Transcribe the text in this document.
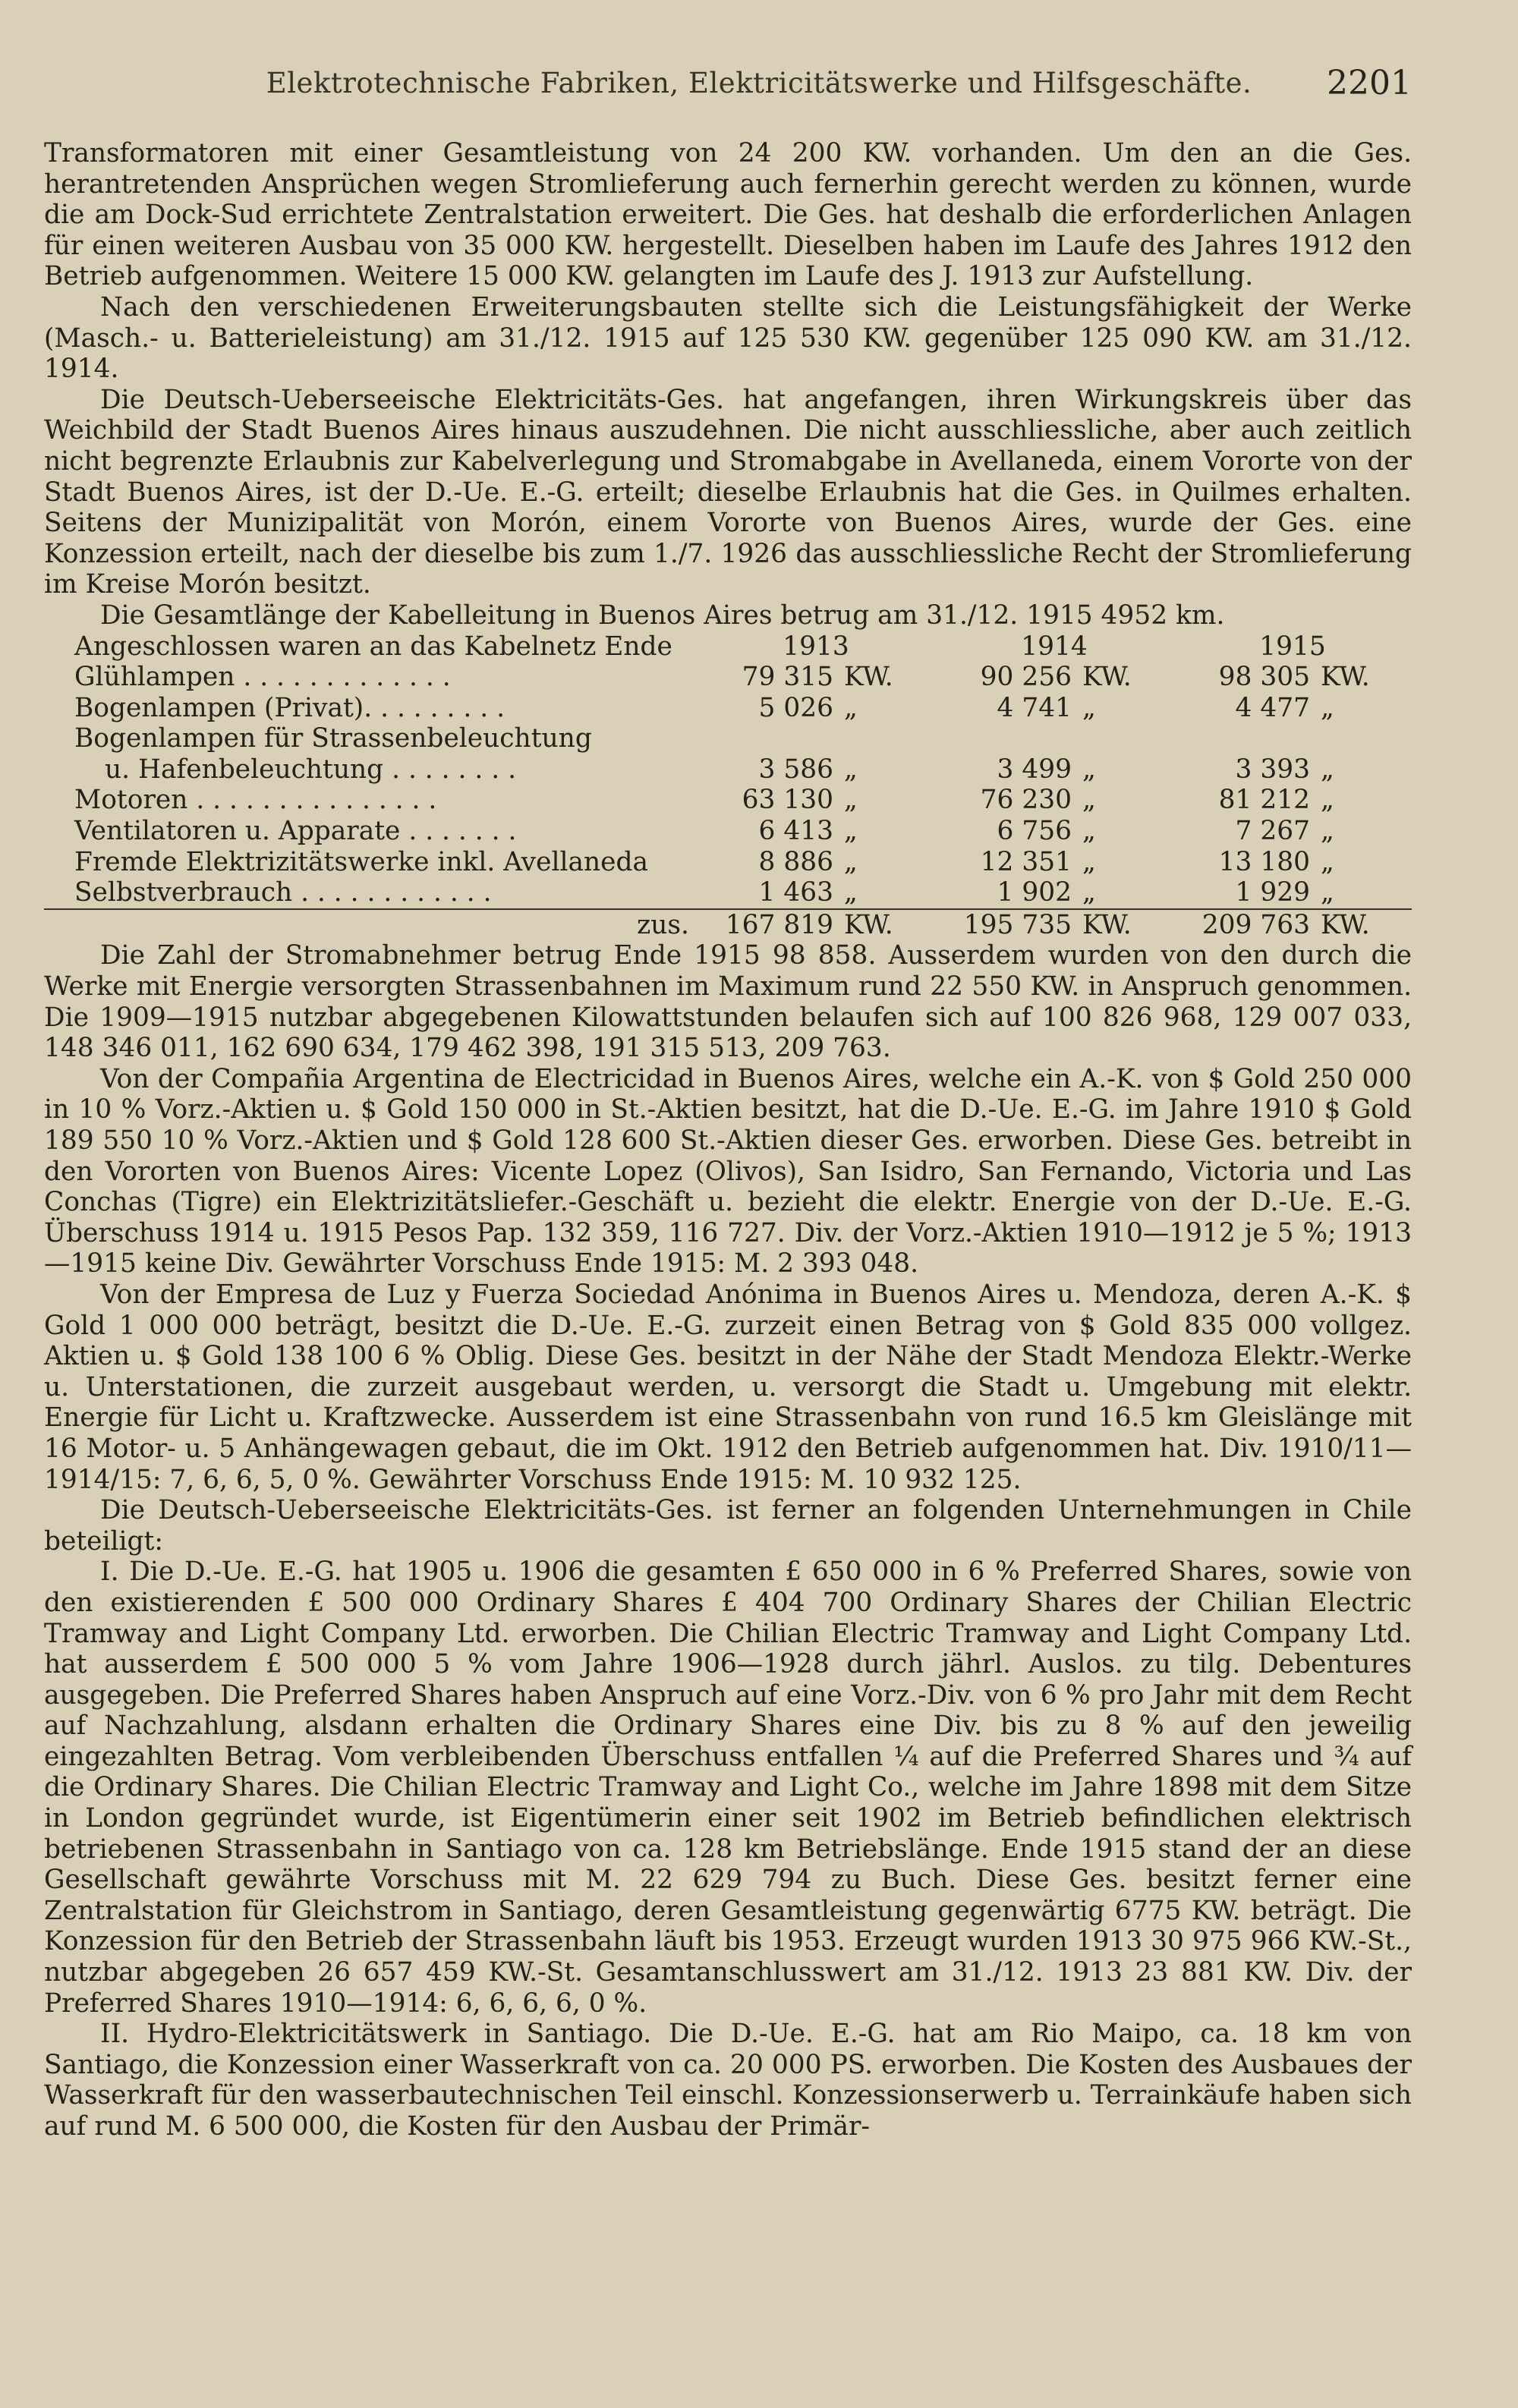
Elektrotechnische Fabriken, Elektricitätswerke und Hilfsgeschäfte.	2201

Transformatoren mit einer Gesamtleistung von 24 200 KW. vorhanden. Um den an die Ges. herantretenden Ansprüchen wegen Stromlieferung auch fernerhin gerecht werden zu können, wurde die am Dock-Sud errichtete Zentralstation erweitert. Die Ges. hat deshalb die erforderlichen Anlagen für einen weiteren Ausbau von 35 000 KW. hergestellt. Dieselben haben im Laufe des Jahres 1912 den Betrieb aufgenommen. Weitere 15 000 KW. gelangten im Laufe des J. 1913 zur Aufstellung.

Nach den verschiedenen Erweiterungsbauten stellte sich die Leistungsfähigkeit der Werke (Masch.- u. Batterieleistung) am 31./12. 1915 auf 125 530 KW. gegenüber 125 090 KW. am 31./12. 1914.

Die Deutsch-Ueberseeische Elektricitäts-Ges. hat angefangen, ihren Wirkungskreis über das Weichbild der Stadt Buenos Aires hinaus auszudehnen. Die nicht ausschliessliche, aber auch zeitlich nicht begrenzte Erlaubnis zur Kabelverlegung und Stromabgabe in Avellaneda, einem Vororte von der Stadt Buenos Aires, ist der D.-Ue. E.-G. erteilt; dieselbe Erlaubnis hat die Ges. in Quilmes erhalten. Seitens der Munizipalität von Morón, einem Vororte von Buenos Aires, wurde der Ges. eine Konzession erteilt, nach der dieselbe bis zum 1./7. 1926 das ausschliessliche Recht der Stromlieferung im Kreise Morón besitzt.

Die Gesamtlänge der Kabelleitung in Buenos Aires betrug am 31./12. 1915 4952 km.

Angeschlossen waren an das Kabelnetz Ende	1913		1914		1915	
Glühlampen . . . . . . . . . . . . .	79 315	KW.	90 256	KW.	98 305	KW.
Bogenlampen (Privat). . . . . . . . .	5 026	„	4 741	„	4 477	„
Bogenlampen für Strassenbeleuchtung						
u. Hafenbeleuchtung . . . . . . . .	3 586	„	3 499	„	3 393	„
Motoren . . . . . . . . . . . . . . .	63 130	„	76 230	„	81 212	„
Ventilatoren u. Apparate . . . . . . .	6 413	„	6 756	„	7 267	„
Fremde Elektrizitätswerke inkl. Avellaneda	8 886	„	12 351	„	13 180	„
Selbstverbrauch . . . . . . . . . . . .	1 463	„	1 902	„	1 929	„
zus.	167 819	KW.	195 735	KW.	209 763	KW.

Die Zahl der Stromabnehmer betrug Ende 1915 98 858. Ausserdem wurden von den durch die Werke mit Energie versorgten Strassenbahnen im Maximum rund 22 550 KW. in Anspruch genommen. Die 1909—1915 nutzbar abgegebenen Kilowattstunden belaufen sich auf 100 826 968, 129 007 033, 148 346 011, 162 690 634, 179 462 398, 191 315 513, 209 763.

Von der Compañia Argentina de Electricidad in Buenos Aires, welche ein A.-K. von $ Gold 250 000 in 10 % Vorz.-Aktien u. $ Gold 150 000 in St.-Aktien besitzt, hat die D.-Ue. E.-G. im Jahre 1910 $ Gold 189 550 10 % Vorz.-Aktien und $ Gold 128 600 St.-Aktien dieser Ges. erworben. Diese Ges. betreibt in den Vororten von Buenos Aires: Vicente Lopez (Olivos), San Isidro, San Fernando, Victoria und Las Conchas (Tigre) ein Elektrizitätsliefer.-Geschäft u. bezieht die elektr. Energie von der D.-Ue. E.-G. Überschuss 1914 u. 1915 Pesos Pap. 132 359, 116 727. Div. der Vorz.-Aktien 1910—1912 je 5 %; 1913—1915 keine Div. Gewährter Vorschuss Ende 1915: M. 2 393 048.

Von der Empresa de Luz y Fuerza Sociedad Anónima in Buenos Aires u. Mendoza, deren A.-K. $ Gold 1 000 000 beträgt, besitzt die D.-Ue. E.-G. zurzeit einen Betrag von $ Gold 835 000 vollgez. Aktien u. $ Gold 138 100 6 % Oblig. Diese Ges. besitzt in der Nähe der Stadt Mendoza Elektr.-Werke u. Unterstationen, die zurzeit ausgebaut werden, u. versorgt die Stadt u. Umgebung mit elektr. Energie für Licht u. Kraftzwecke. Ausserdem ist eine Strassenbahn von rund 16.5 km Gleislänge mit 16 Motor- u. 5 Anhängewagen gebaut, die im Okt. 1912 den Betrieb aufgenommen hat. Div. 1910/11—1914/15: 7, 6, 6, 5, 0 %. Gewährter Vorschuss Ende 1915: M. 10 932 125.

Die Deutsch-Ueberseeische Elektricitäts-Ges. ist ferner an folgenden Unternehmungen in Chile beteiligt:

I. Die D.-Ue. E.-G. hat 1905 u. 1906 die gesamten £ 650 000 in 6 % Preferred Shares, sowie von den existierenden £ 500 000 Ordinary Shares £ 404 700 Ordinary Shares der Chilian Electric Tramway and Light Company Ltd. erworben. Die Chilian Electric Tramway and Light Company Ltd. hat ausserdem £ 500 000 5 % vom Jahre 1906—1928 durch jährl. Auslos. zu tilg. Debentures ausgegeben. Die Preferred Shares haben Anspruch auf eine Vorz.-Div. von 6 % pro Jahr mit dem Recht auf Nachzahlung, alsdann erhalten die Ordinary Shares eine Div. bis zu 8 % auf den jeweilig eingezahlten Betrag. Vom verbleibenden Überschuss entfallen ¼ auf die Preferred Shares und ¾ auf die Ordinary Shares. Die Chilian Electric Tramway and Light Co., welche im Jahre 1898 mit dem Sitze in London gegründet wurde, ist Eigentümerin einer seit 1902 im Betrieb befindlichen elektrisch betriebenen Strassenbahn in Santiago von ca. 128 km Betriebslänge. Ende 1915 stand der an diese Gesellschaft gewährte Vorschuss mit M. 22 629 794 zu Buch. Diese Ges. besitzt ferner eine Zentralstation für Gleichstrom in Santiago, deren Gesamtleistung gegenwärtig 6775 KW. beträgt. Die Konzession für den Betrieb der Strassenbahn läuft bis 1953. Erzeugt wurden 1913 30 975 966 KW.-St., nutzbar abgegeben 26 657 459 KW.-St. Gesamtanschlusswert am 31./12. 1913 23 881 KW. Div. der Preferred Shares 1910—1914: 6, 6, 6, 6, 0 %.

II. Hydro-Elektricitätswerk in Santiago. Die D.-Ue. E.-G. hat am Rio Maipo, ca. 18 km von Santiago, die Konzession einer Wasserkraft von ca. 20 000 PS. erworben. Die Kosten des Ausbaues der Wasserkraft für den wasserbautechnischen Teil einschl. Konzessionserwerb u. Terrainkäufe haben sich auf rund M. 6 500 000, die Kosten für den Ausbau der Primär-
